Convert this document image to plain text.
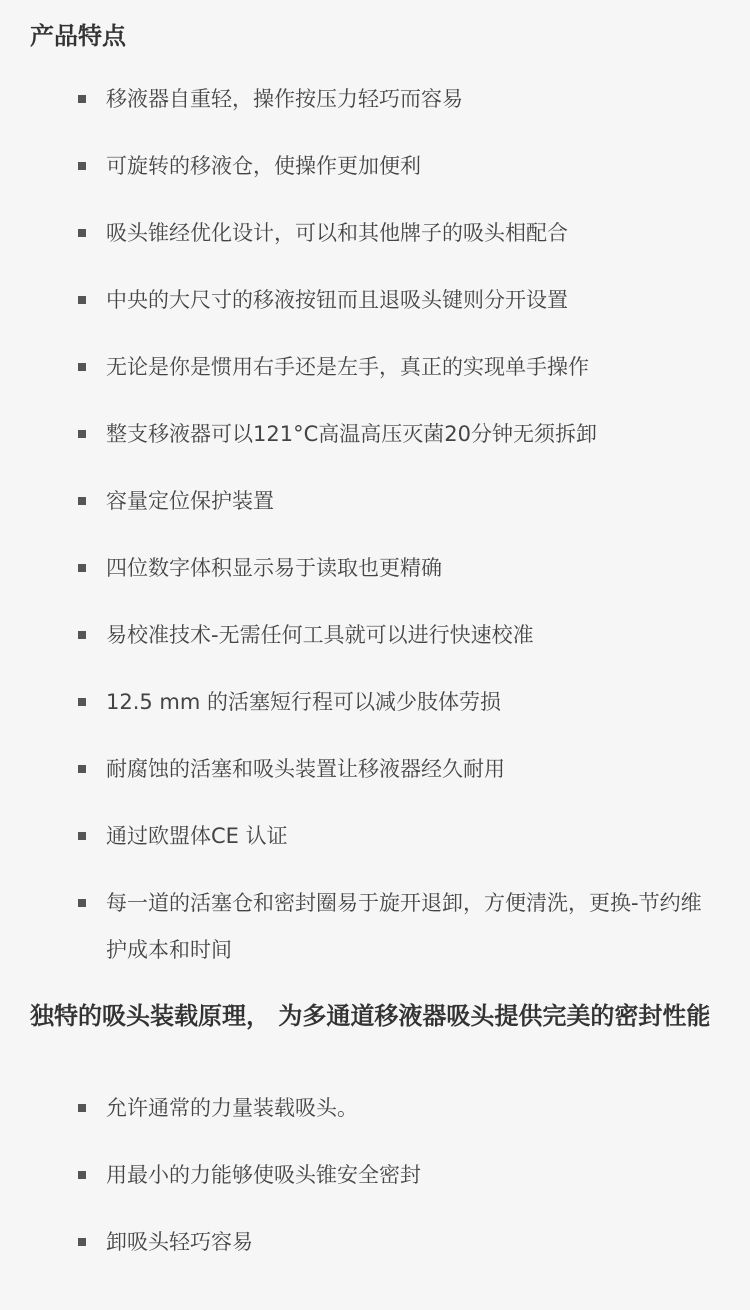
产品特点
移液器自重轻，操作按压力轻巧而容易
可旋转的移液仓，使操作更加便利
吸头锥经优化设计，可以和其他牌子的吸头相配合
中央的大尺寸的移液按钮而且退吸头键则分开设置
无论是你是惯用右手还是左手，真正的实现单手操作
整支移液器可以121°C高温高压灭菌20分钟无须拆卸
容量定位保护装置
四位数字体积显示易于读取也更精确
易校准技术-无需任何工具就可以进行快速校准
12.5 mm 的活塞短行程可以减少肢体劳损
耐腐蚀的活塞和吸头装置让移液器经久耐用
通过欧盟体CE 认证
每一道的活塞仓和密封圈易于旋开退卸，方便清洗，更换-节约维护成本和时间
独特的吸头装载原理， 为多通道移液器吸头提供完美的密封性能
允许通常的力量装载吸头。
用最小的力能够使吸头锥安全密封
卸吸头轻巧容易
